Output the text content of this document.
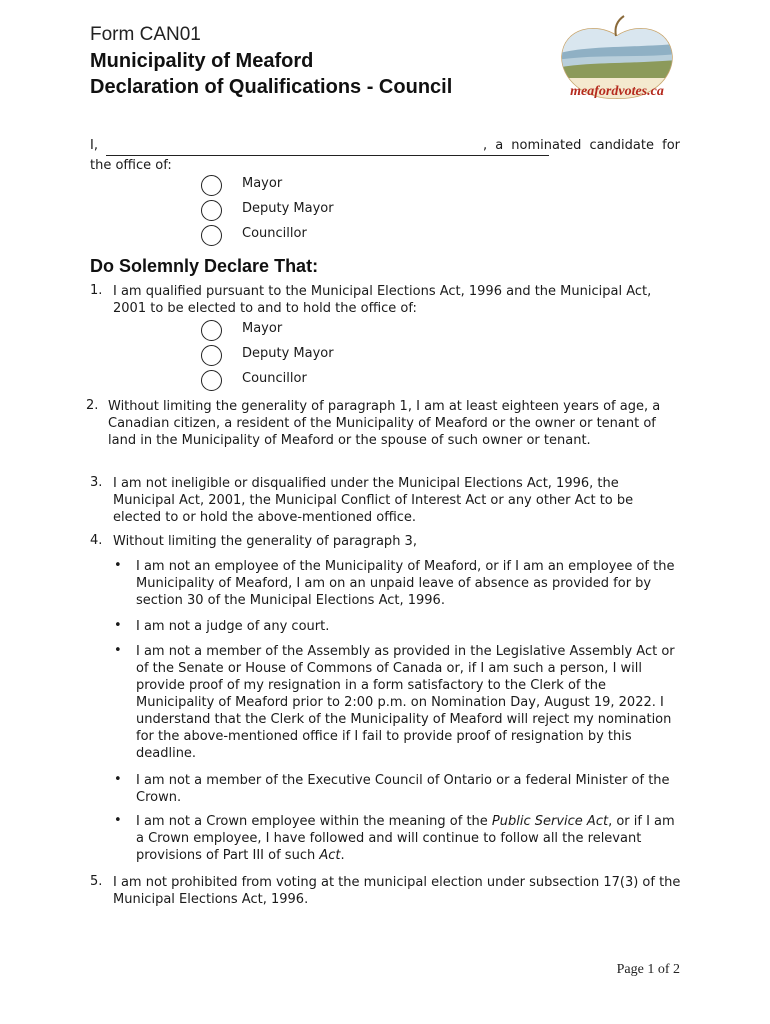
Form CAN01
Municipality of Meaford
Declaration of Qualifications - Council	meafordvotes.ca
I,	, a nominated candidate for
the office of:
Mayor
Deputy Mayor
Councillor
Do Solemnly Declare That:
1. I am qualified pursuant to the Municipal Elections Act, 1996 and the Municipal Act, 2001 to be elected to and to hold the office of:
Mayor
Deputy Mayor
Councillor
2. Without limiting the generality of paragraph 1, I am at least eighteen years of age, a Canadian citizen, a resident of the Municipality of Meaford or the owner or tenant of land in the Municipality of Meaford or the spouse of such owner or tenant.
3. I am not ineligible or disqualified under the Municipal Elections Act, 1996, the Municipal Act, 2001, the Municipal Conflict of Interest Act or any other Act to be elected to or hold the above-mentioned office.
4. Without limiting the generality of paragraph 3,
• I am not an employee of the Municipality of Meaford, or if I am an employee of the Municipality of Meaford, I am on an unpaid leave of absence as provided for by section 30 of the Municipal Elections Act, 1996.
• I am not a judge of any court.
• I am not a member of the Assembly as provided in the Legislative Assembly Act or of the Senate or House of Commons of Canada or, if I am such a person, I will provide proof of my resignation in a form satisfactory to the Clerk of the Municipality of Meaford prior to 2:00 p.m. on Nomination Day, August 19, 2022. I understand that the Clerk of the Municipality of Meaford will reject my nomination for the above-mentioned office if I fail to provide proof of resignation by this deadline.
• I am not a member of the Executive Council of Ontario or a federal Minister of the Crown.
• I am not a Crown employee within the meaning of the Public Service Act, or if I am a Crown employee, I have followed and will continue to follow all the relevant provisions of Part III of such Act.
5. I am not prohibited from voting at the municipal election under subsection 17(3) of the Municipal Elections Act, 1996.
Page 1 of 2
